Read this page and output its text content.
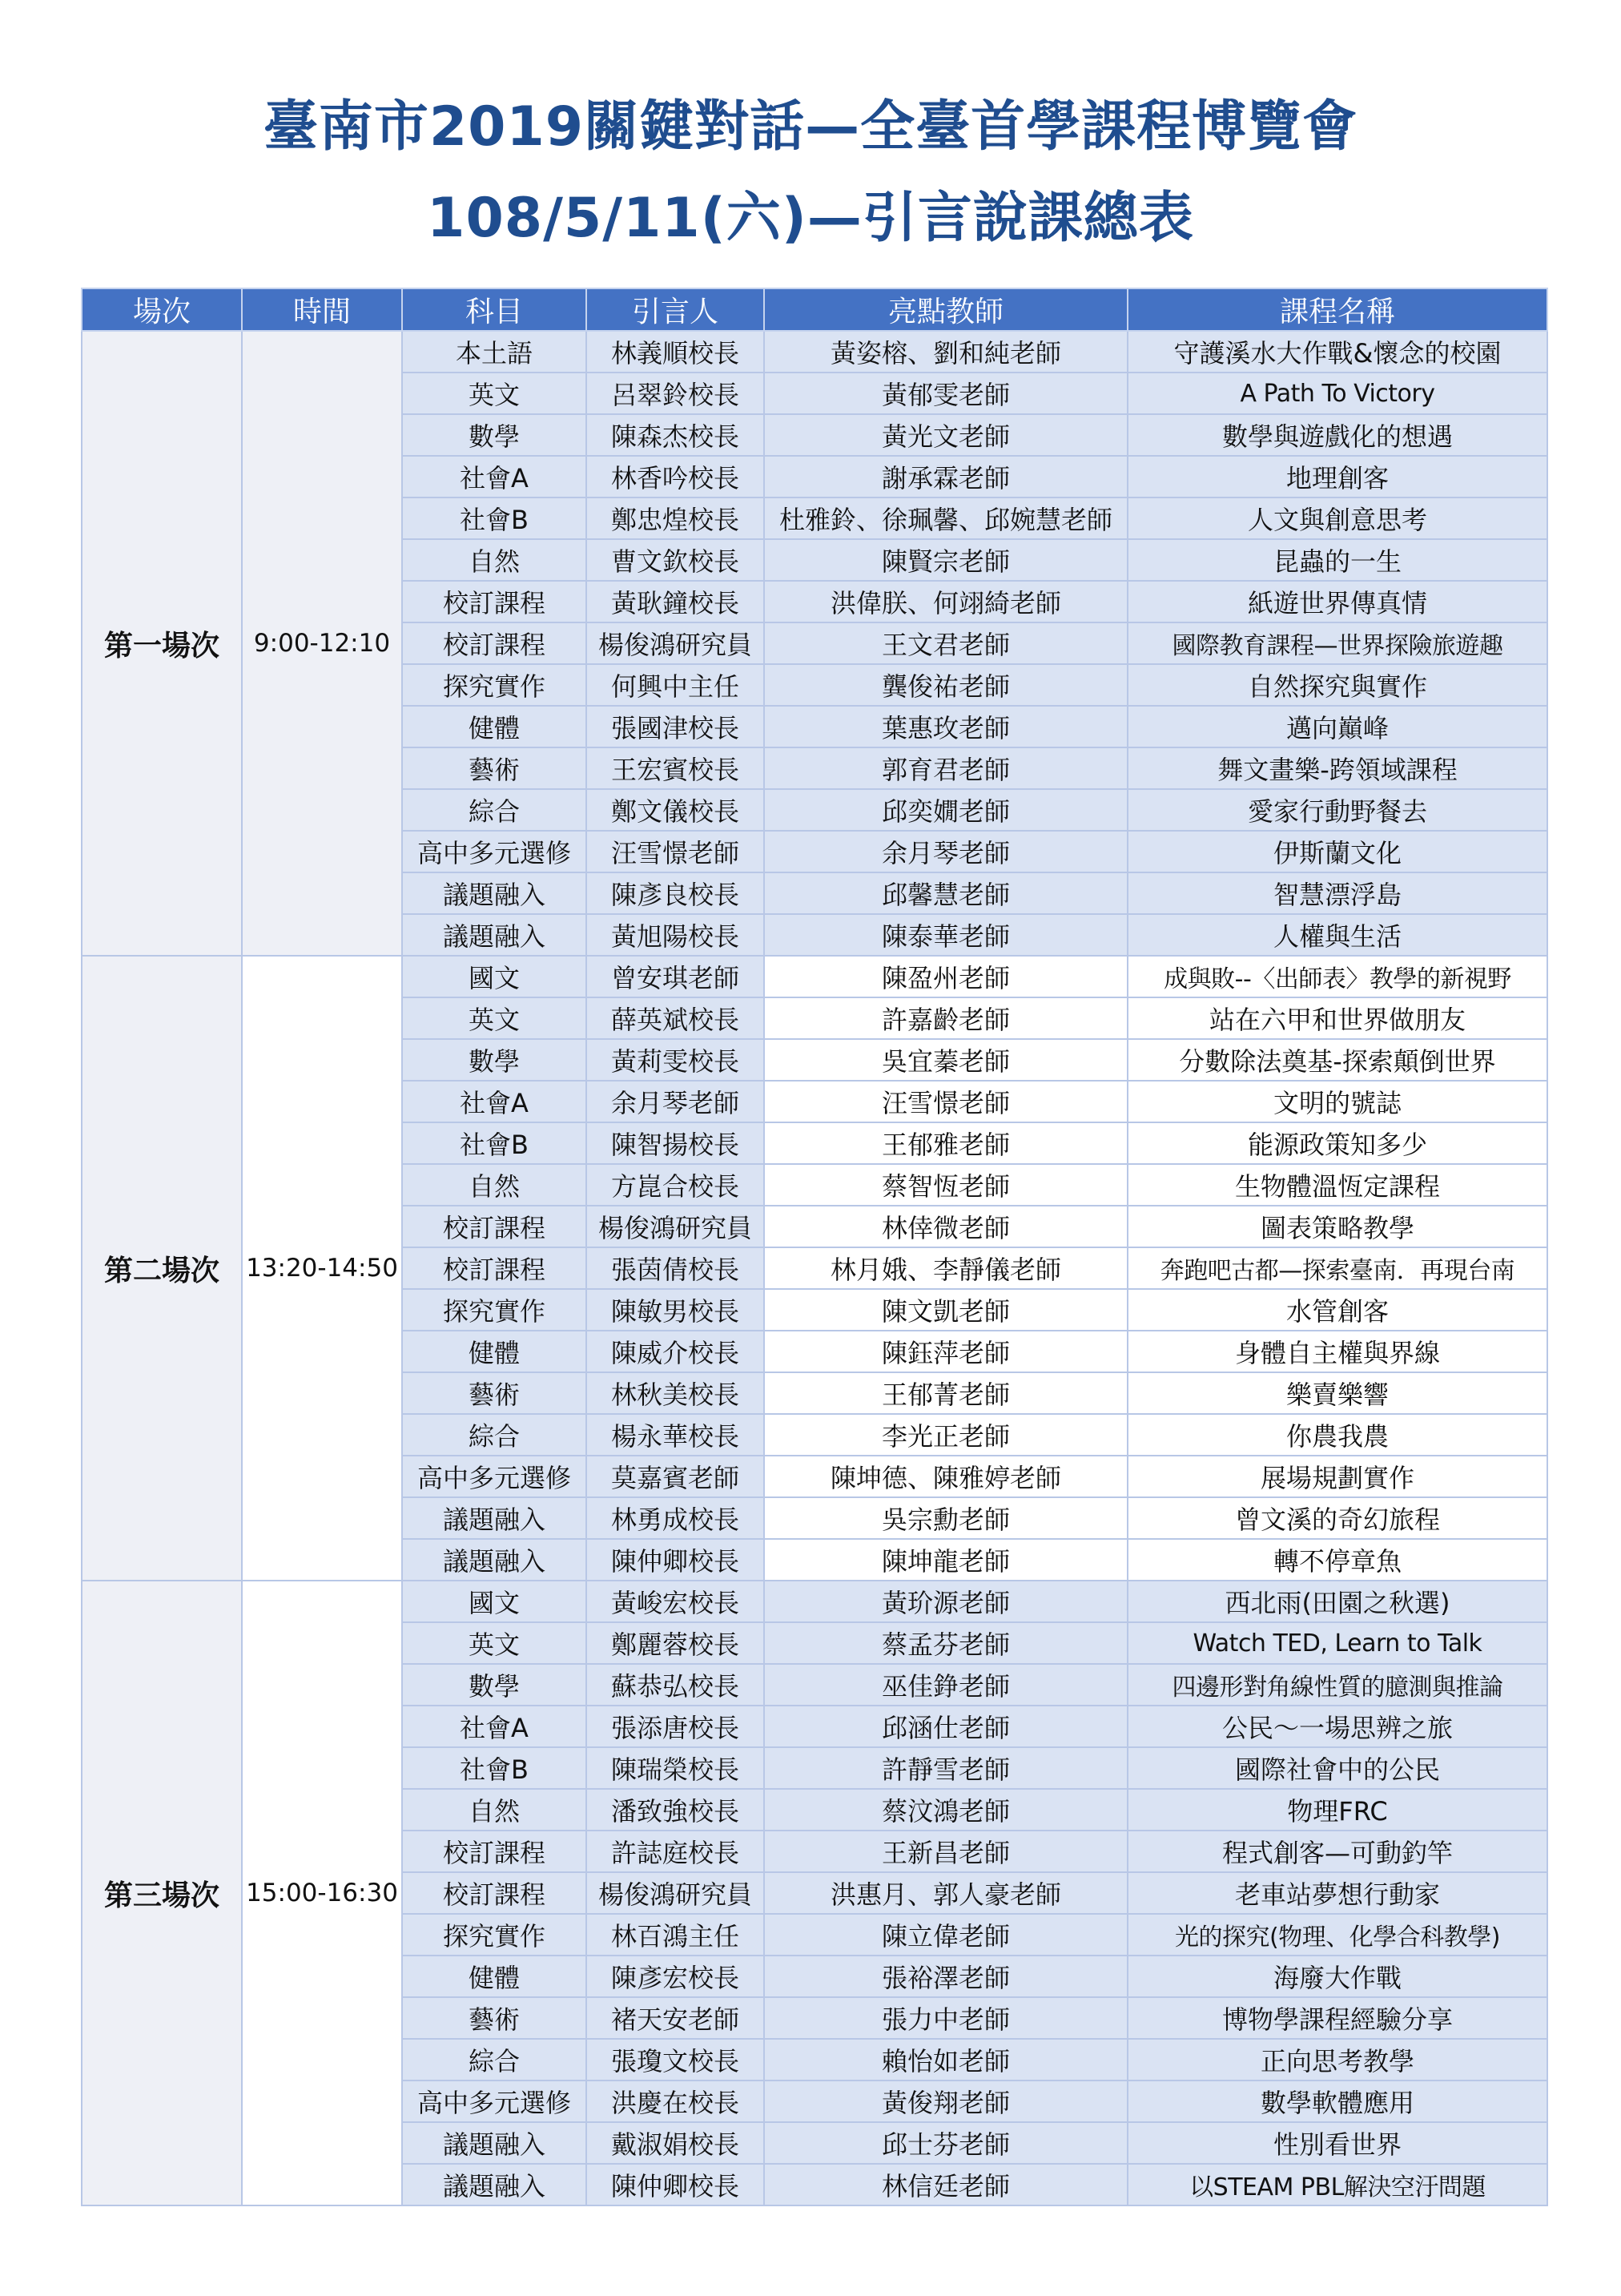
臺南市2019關鍵對話—全臺首學課程博覽會
108/5/11(六)—引言說課總表
場次	時間	科目	引言人	亮點教師	課程名稱
第一場次	9:00-12:10	本土語	林義順校長	黃姿榕、劉和純老師	守護溪水大作戰&懷念的校園
		英文	呂翠鈴校長	黃郁雯老師	A Path To Victory
		數學	陳森杰校長	黃光文老師	數學與遊戲化的想遇
		社會A	林香吟校長	謝承霖老師	地理創客
		社會B	鄭忠煌校長	杜雅鈴、徐珮馨、邱婉慧老師	人文與創意思考
		自然	曹文欽校長	陳賢宗老師	昆蟲的一生
		校訂課程	黃耿鐘校長	洪偉朕、何翊綺老師	紙遊世界傳真情
		校訂課程	楊俊鴻研究員	王文君老師	國際教育課程—世界探險旅遊趣
		探究實作	何興中主任	龔俊祐老師	自然探究與實作
		健體	張國津校長	葉惠玫老師	邁向巔峰
		藝術	王宏賓校長	郭育君老師	舞文畫樂-跨領域課程
		綜合	鄭文儀校長	邱奕嫺老師	愛家行動野餐去
		高中多元選修	汪雪憬老師	余月琴老師	伊斯蘭文化
		議題融入	陳彥良校長	邱馨慧老師	智慧漂浮島
		議題融入	黃旭陽校長	陳泰華老師	人權與生活
第二場次	13:20-14:50	國文	曾安琪老師	陳盈州老師	成與敗--〈出師表〉教學的新視野
		英文	薛英斌校長	許嘉齡老師	站在六甲和世界做朋友
		數學	黃莉雯校長	吳宜蓁老師	分數除法奠基-探索顛倒世界
		社會A	余月琴老師	汪雪憬老師	文明的號誌
		社會B	陳智揚校長	王郁雅老師	能源政策知多少
		自然	方崑合校長	蔡智恆老師	生物體溫恆定課程
		校訂課程	楊俊鴻研究員	林倖微老師	圖表策略教學
		校訂課程	張茵倩校長	林月娥、李靜儀老師	奔跑吧古都—探索臺南．再現台南
		探究實作	陳敏男校長	陳文凱老師	水管創客
		健體	陳威介校長	陳鈺萍老師	身體自主權與界線
		藝術	林秋美校長	王郁菁老師	樂賣樂響
		綜合	楊永華校長	李光正老師	你農我農
		高中多元選修	莫嘉賓老師	陳坤德、陳雅婷老師	展場規劃實作
		議題融入	林勇成校長	吳宗勳老師	曾文溪的奇幻旅程
		議題融入	陳仲卿校長	陳坤龍老師	轉不停章魚
第三場次	15:00-16:30	國文	黃峻宏校長	黃玠源老師	西北雨(田園之秋選)
		英文	鄭麗蓉校長	蔡孟芬老師	Watch TED, Learn to Talk
		數學	蘇恭弘校長	巫佳錚老師	四邊形對角線性質的臆測與推論
		社會A	張添唐校長	邱涵仕老師	公民～一場思辨之旅
		社會B	陳瑞榮校長	許靜雪老師	國際社會中的公民
		自然	潘致強校長	蔡汶鴻老師	物理FRC
		校訂課程	許誌庭校長	王新昌老師	程式創客—可動釣竿
		校訂課程	楊俊鴻研究員	洪惠月、郭人豪老師	老車站夢想行動家
		探究實作	林百鴻主任	陳立偉老師	光的探究(物理、化學合科教學)
		健體	陳彥宏校長	張裕澤老師	海廢大作戰
		藝術	褚天安老師	張力中老師	博物學課程經驗分享
		綜合	張瓊文校長	賴怡如老師	正向思考教學
		高中多元選修	洪慶在校長	黃俊翔老師	數學軟體應用
		議題融入	戴淑娟校長	邱士芬老師	性別看世界
		議題融入	陳仲卿校長	林信廷老師	以STEAM PBL解決空汙問題
